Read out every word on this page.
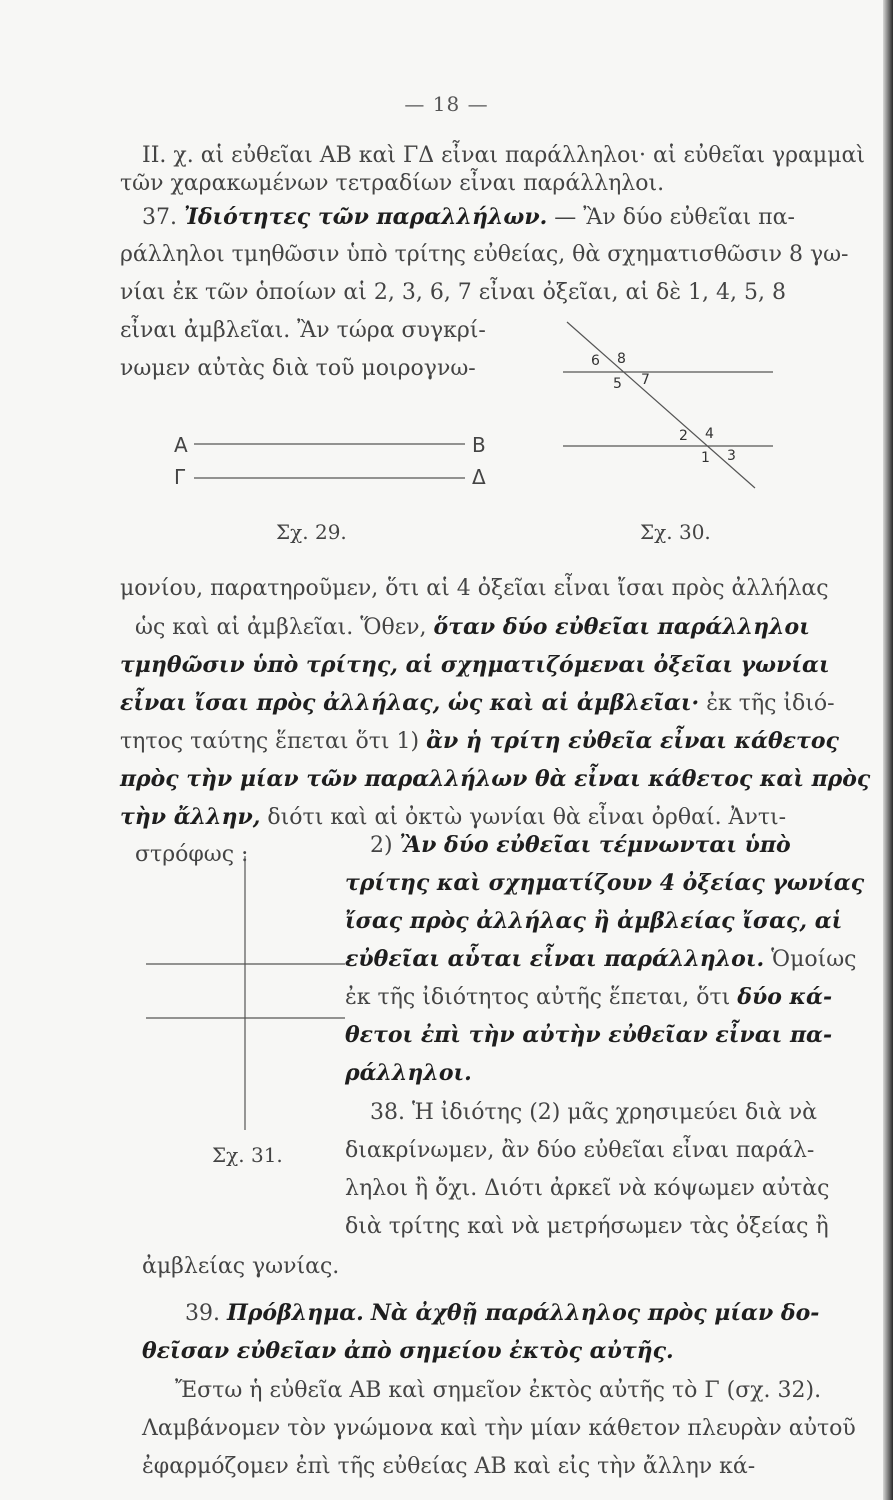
— 18 —
II. χ. αἱ εὐθεῖαι ΑΒ καὶ ΓΔ εἶναι παράλληλοι· αἱ εὐθεῖαι γραμμαὶ τῶν χαρακωμένων τετραδίων εἶναι παράλληλοι.
37. Ἰδιότητες τῶν παραλλήλων. — Ἂν δύο εὐθεῖαι πα-
ράλληλοι τμηθῶσιν ὑπὸ τρίτης εὐθείας, θὰ σχηματισθῶσιν 8 γω-
νίαι ἐκ τῶν ὁποίων αἱ 2, 3, 6, 7 εἶναι ὀξεῖαι, αἱ δὲ 1, 4, 5, 8
εἶναι ἀμβλεῖαι. Ἂν τώρα συγκρί-
νωμεν αὐτὰς διὰ τοῦ μοιρογνω-
Α	Β
Γ	Δ
Σχ. 29.
6 8
5 7
2 4
1 3
Σχ. 30.
μονίου, παρατηροῦμεν, ὅτι αἱ 4 ὀξεῖαι εἶναι ἴσαι πρὸς ἀλλήλας
ὡς καὶ αἱ ἀμβλεῖαι. Ὅθεν, ὅταν δύο εὐθεῖαι παράλληλοι
τμηθῶσιν ὑπὸ τρίτης, αἱ σχηματιζόμεναι ὀξεῖαι γωνίαι
εἶναι ἴσαι πρὸς ἀλλήλας, ὡς καὶ αἱ ἀμβλεῖαι· ἐκ τῆς ἰδιό-
τητος ταύτης ἕπεται ὅτι 1) ἂν ἡ τρίτη εὐθεῖα εἶναι κάθετος
πρὸς τὴν μίαν τῶν παραλλήλων θὰ εἶναι κάθετος καὶ πρὸς
τὴν ἄλλην, διότι καὶ αἱ ὀκτὼ γωνίαι θὰ εἶναι ὀρθαί. Ἀντι-
στρόφως :
Σχ. 31.
2) Ἂν δύο εὐθεῖαι τέμνωνται ὑπὸ
τρίτης καὶ σχηματίζουν 4 ὀξείας γωνίας
ἴσας πρὸς ἀλλήλας ἢ ἀμβλείας ἴσας, αἱ
εὐθεῖαι αὗται εἶναι παράλληλοι. Ὁμοίως
ἐκ τῆς ἰδιότητος αὐτῆς ἕπεται, ὅτι δύο κά-
θετοι ἐπὶ τὴν αὐτὴν εὐθεῖαν εἶναι πα-
ράλληλοι.
38. Ἡ ἰδιότης (2) μᾶς χρησιμεύει διὰ νὰ
διακρίνωμεν, ἂν δύο εὐθεῖαι εἶναι παράλ-
ληλοι ἢ ὄχι. Διότι ἀρκεῖ νὰ κόψωμεν αὐτὰς
διὰ τρίτης καὶ νὰ μετρήσωμεν τὰς ὀξείας ἢ
ἀμβλείας γωνίας.
39. Πρόβλημα. Νὰ ἀχθῇ παράλληλος πρὸς μίαν δο-
θεῖσαν εὐθεῖαν ἀπὸ σημείου ἐκτὸς αὐτῆς.
Ἔστω ἡ εὐθεῖα ΑΒ καὶ σημεῖον ἐκτὸς αὐτῆς τὸ Γ (σχ. 32).
Λαμβάνομεν τὸν γνώμονα καὶ τὴν μίαν κάθετον πλευρὰν αὐτοῦ
ἐφαρμόζομεν ἐπὶ τῆς εὐθείας ΑΒ καὶ εἰς τὴν ἄλλην κά-
